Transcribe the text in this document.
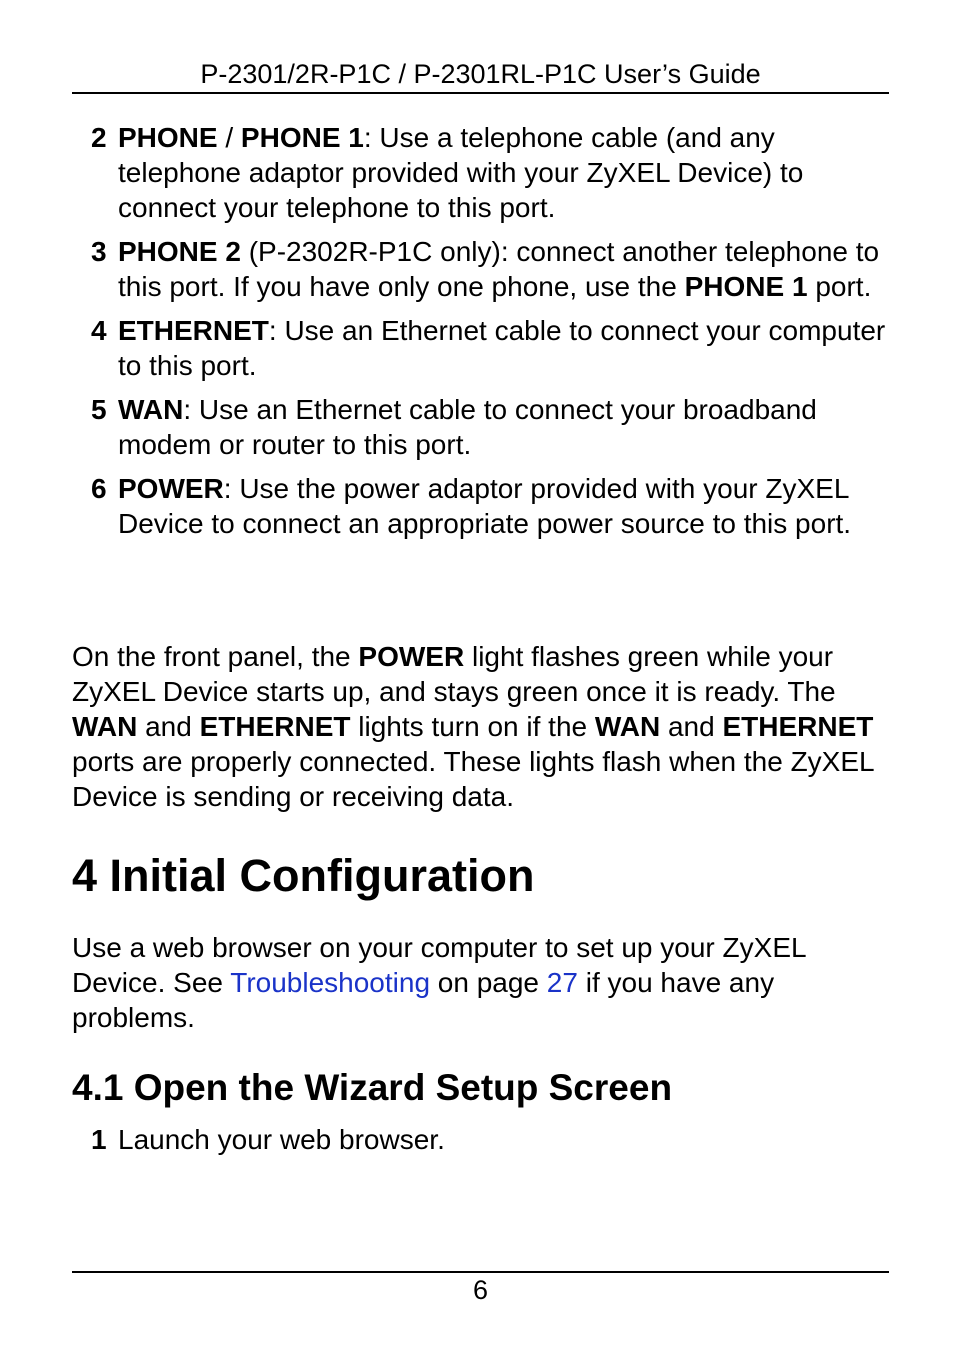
P-2301/2R-P1C / P-2301RL-P1C User’s Guide
2 PHONE / PHONE 1: Use a telephone cable (and any telephone adaptor provided with your ZyXEL Device) to connect your telephone to this port.
3 PHONE 2 (P-2302R-P1C only): connect another telephone to this port. If you have only one phone, use the PHONE 1 port.
4 ETHERNET: Use an Ethernet cable to connect your computer to this port.
5 WAN: Use an Ethernet cable to connect your broadband modem or router to this port.
6 POWER: Use the power adaptor provided with your ZyXEL Device to connect an appropriate power source to this port.

On the front panel, the POWER light flashes green while your ZyXEL Device starts up, and stays green once it is ready. The WAN and ETHERNET lights turn on if the WAN and ETHERNET ports are properly connected. These lights flash when the ZyXEL Device is sending or receiving data.

4 Initial Configuration

Use a web browser on your computer to set up your ZyXEL Device. See Troubleshooting on page 27 if you have any problems.

4.1 Open the Wizard Setup Screen
1 Launch your web browser.
6
